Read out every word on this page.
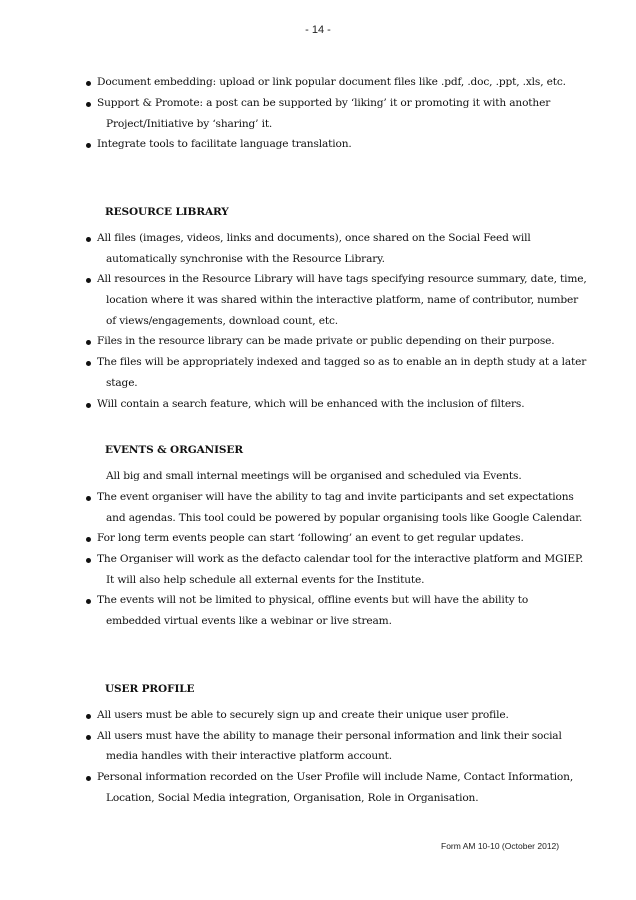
- 14 -
Document embedding: upload or link popular document files like .pdf, .doc, .ppt, .xls, etc.
Support & Promote: a post can be supported by ‘liking’ it or promoting it with another
Project/Initiative by ‘sharing’ it.
Integrate tools to facilitate language translation.
RESOURCE LIBRARY
All files (images, videos, links and documents), once shared on the Social Feed will
automatically synchronise with the Resource Library.
All resources in the Resource Library will have tags specifying resource summary, date, time,
location where it was shared within the interactive platform, name of contributor, number
of views/engagements, download count, etc.
Files in the resource library can be made private or public depending on their purpose.
The files will be appropriately indexed and tagged so as to enable an in depth study at a later
stage.
Will contain a search feature, which will be enhanced with the inclusion of filters.
EVENTS & ORGANISER
All big and small internal meetings will be organised and scheduled via Events.
The event organiser will have the ability to tag and invite participants and set expectations
and agendas. This tool could be powered by popular organising tools like Google Calendar.
For long term events people can start ‘following’ an event to get regular updates.
The Organiser will work as the defacto calendar tool for the interactive platform and MGIEP.
It will also help schedule all external events for the Institute.
The events will not be limited to physical, offline events but will have the ability to
embedded virtual events like a webinar or live stream.
USER PROFILE
All users must be able to securely sign up and create their unique user profile.
All users must have the ability to manage their personal information and link their social
media handles with their interactive platform account.
Personal information recorded on the User Profile will include Name, Contact Information,
Location, Social Media integration, Organisation, Role in Organisation.
Form AM 10-10 (October 2012)
